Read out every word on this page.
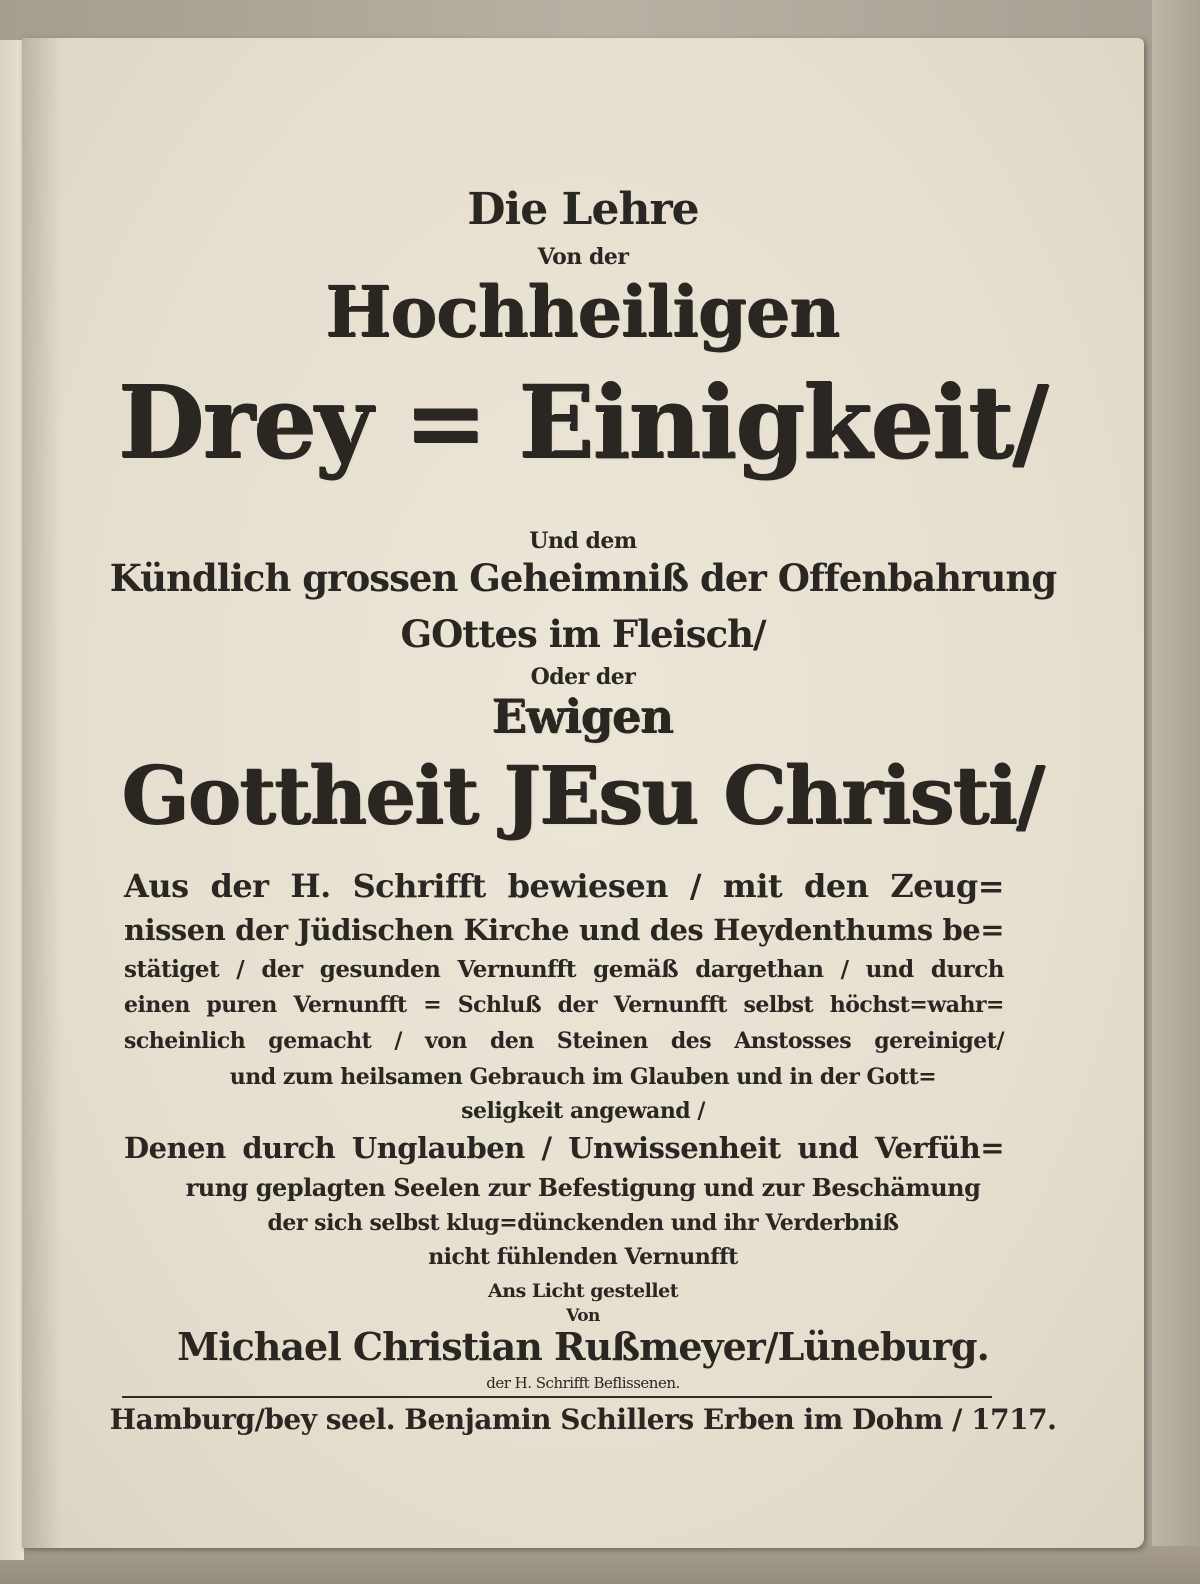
Die Lehre
Von der
Hochheiligen
Drey = Einigkeit/
Und dem
Kündlich grossen Geheimniß der Offenbahrung
GOttes im Fleisch/
Oder der
Ewigen
Gottheit JEsu Christi/
Aus der H. Schrifft bewiesen / mit den Zeug=
nissen der Jüdischen Kirche und des Heydenthums be=
stätiget / der gesunden Vernunfft gemäß dargethan / und durch
einen puren Vernunfft = Schluß der Vernunfft selbst höchst=wahr=
scheinlich gemacht / von den Steinen des Anstosses gereiniget/
und zum heilsamen Gebrauch im Glauben und in der Gott=
seligkeit angewand /
Denen durch Unglauben / Unwissenheit und Verfüh=
rung geplagten Seelen zur Befestigung und zur Beschämung
der sich selbst klug=dünckenden und ihr Verderbniß
nicht fühlenden Vernunfft
Ans Licht gestellet
Von
Michael Christian Rußmeyer/Lüneburg.
der H. Schrifft Beflissenen.
Hamburg/bey seel. Benjamin Schillers Erben im Dohm / 1717.
